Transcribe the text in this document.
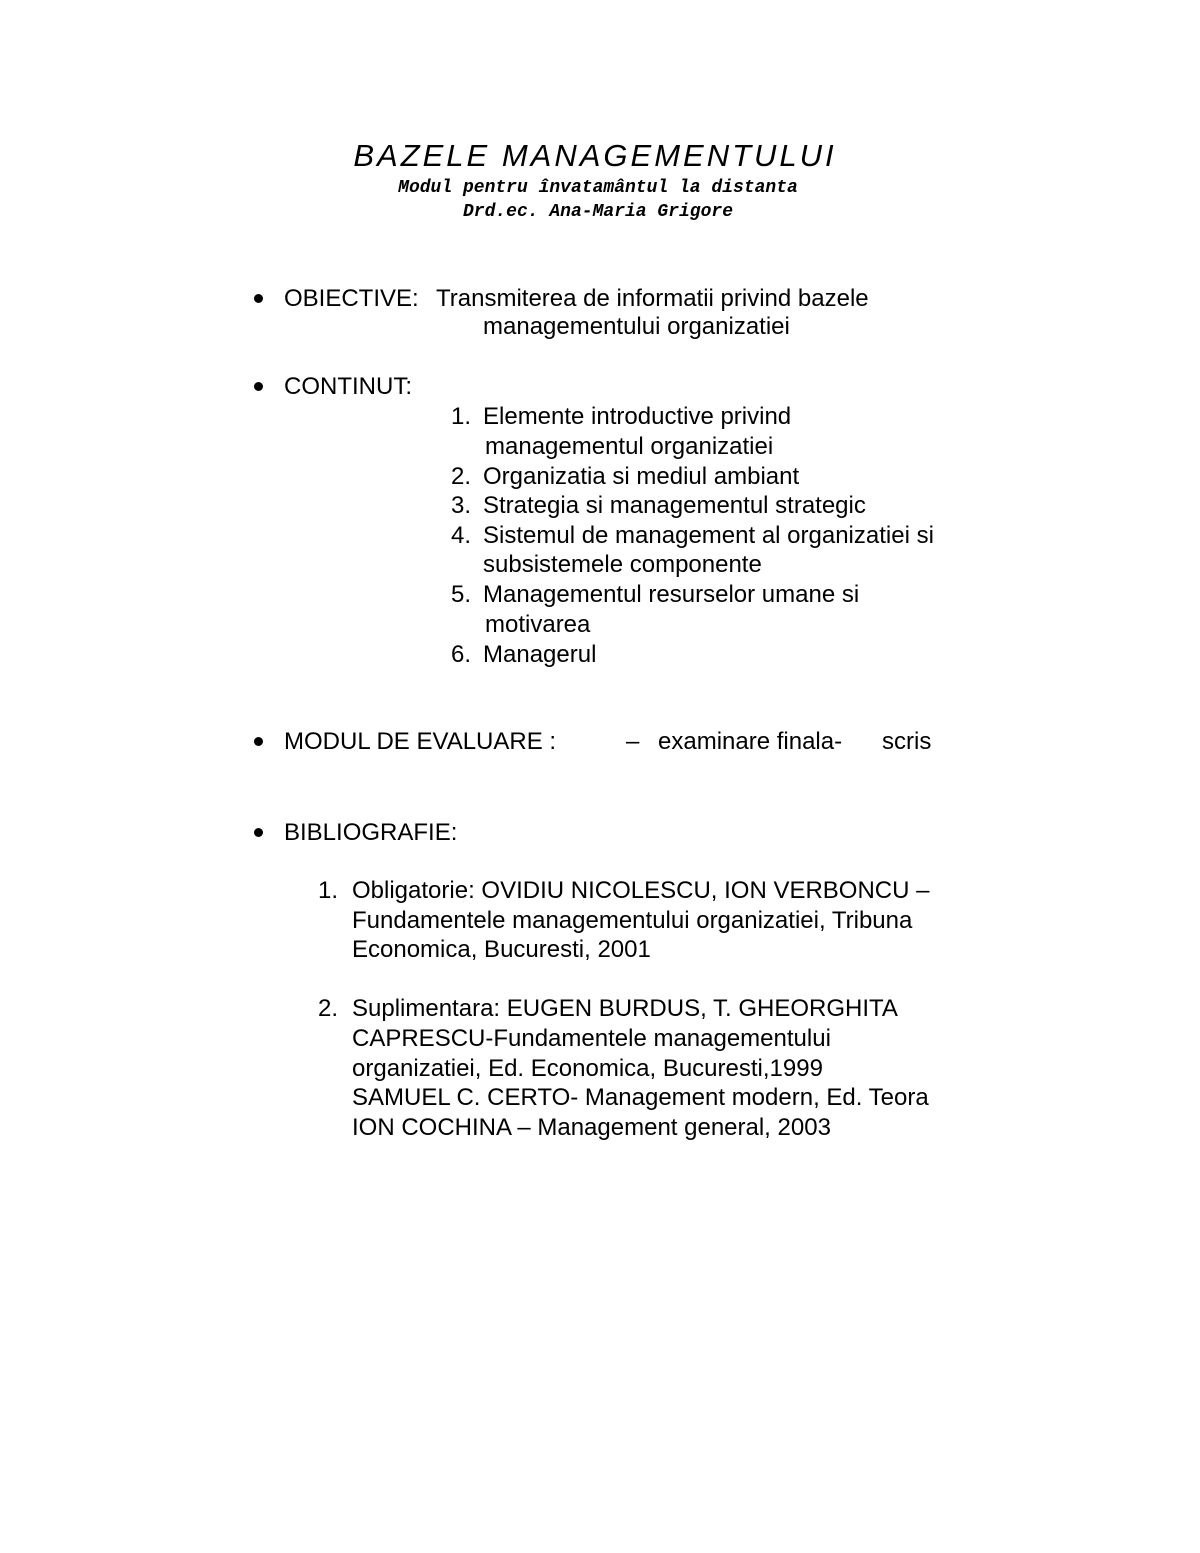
BAZELE MANAGEMENTULUI
Modul pentru învatamântul la distanta
Drd.ec. Ana-Maria Grigore
OBIECTIVE: Transmiterea de informatii privind bazele
managementului organizatiei
CONTINUT:
1. Elemente introductive privind
managementul organizatiei
2. Organizatia si mediul ambiant
3. Strategia si managementul strategic
4. Sistemul de management al organizatiei si
subsistemele componente
5. Managementul resurselor umane si
motivarea
6. Managerul
MODUL DE EVALUARE :	– examinare finala- scris
BIBLIOGRAFIE:
1. Obligatorie: OVIDIU NICOLESCU, ION VERBONCU –
Fundamentele managementului organizatiei, Tribuna
Economica, Bucuresti, 2001
2. Suplimentara: EUGEN BURDUS, T. GHEORGHITA
CAPRESCU-Fundamentele managementului
organizatiei, Ed. Economica, Bucuresti,1999
SAMUEL C. CERTO- Management modern, Ed. Teora
ION COCHINA – Management general, 2003
